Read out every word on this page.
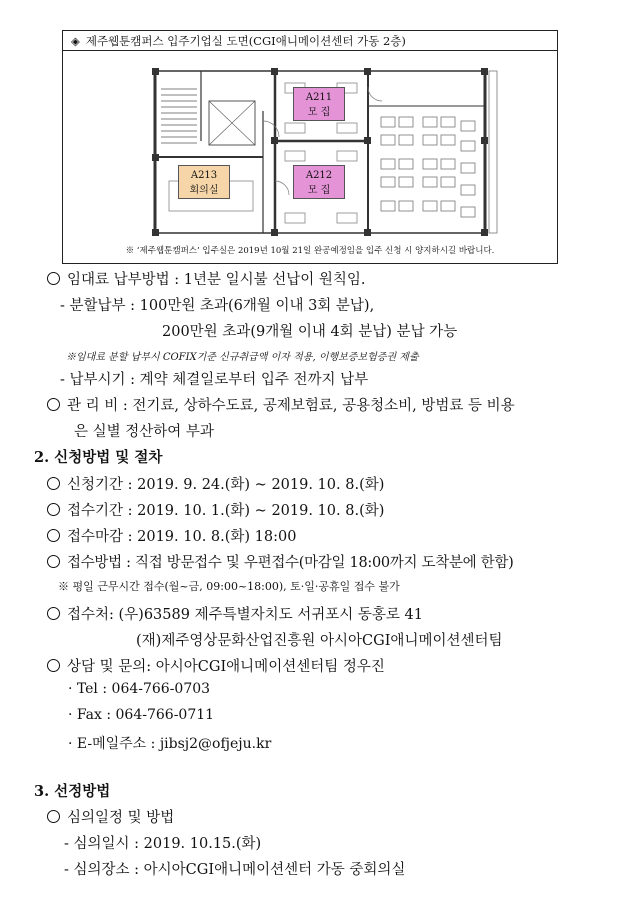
◈ 제주웹툰캠퍼스 입주기업실 도면(CGI애니메이션센터 가동 2층)
A211
모 집
A212
모 집
A213
회의실
※ ‘제주웹툰캠퍼스’ 입주실은 2019년 10월 21일 완공예정임을 입주 신청 시 양지하시길 바랍니다.
임대료 납부방법 : 1년분 일시불 선납이 원칙임.
- 분할납부 : 100만원 초과(6개월 이내 3회 분납),
200만원 초과(9개월 이내 4회 분납) 분납 가능
※임대료 분할 납부시 COFIX기준 신규취급액 이자 적용, 이행보증보험증권 제출
- 납부시기 : 계약 체결일로부터 입주 전까지 납부
관 리 비 : 전기료, 상하수도료, 공제보험료, 공용청소비, 방범료 등 비용
은 실별 정산하여 부과
2. 신청방법 및 절차
신청기간 : 2019. 9. 24.(화) ~ 2019. 10. 8.(화)
접수기간 : 2019. 10. 1.(화) ~ 2019. 10. 8.(화)
접수마감 : 2019. 10. 8.(화) 18:00
접수방법 : 직접 방문접수 및 우편접수(마감일 18:00까지 도착분에 한함)
※ 평일 근무시간 접수(월~금, 09:00~18:00), 토·일·공휴일 접수 불가
접수처: (우)63589 제주특별자치도 서귀포시 동홍로 41
(재)제주영상문화산업진흥원 아시아CGI애니메이션센터팀
상담 및 문의: 아시아CGI애니메이션센터팀 정우진
· Tel : 064-766-0703
· Fax : 064-766-0711
· E-메일주소 : jibsj2@ofjeju.kr
3. 선정방법
심의일정 및 방법
- 심의일시 : 2019. 10.15.(화)
- 심의장소 : 아시아CGI애니메이션센터 가동 중회의실
